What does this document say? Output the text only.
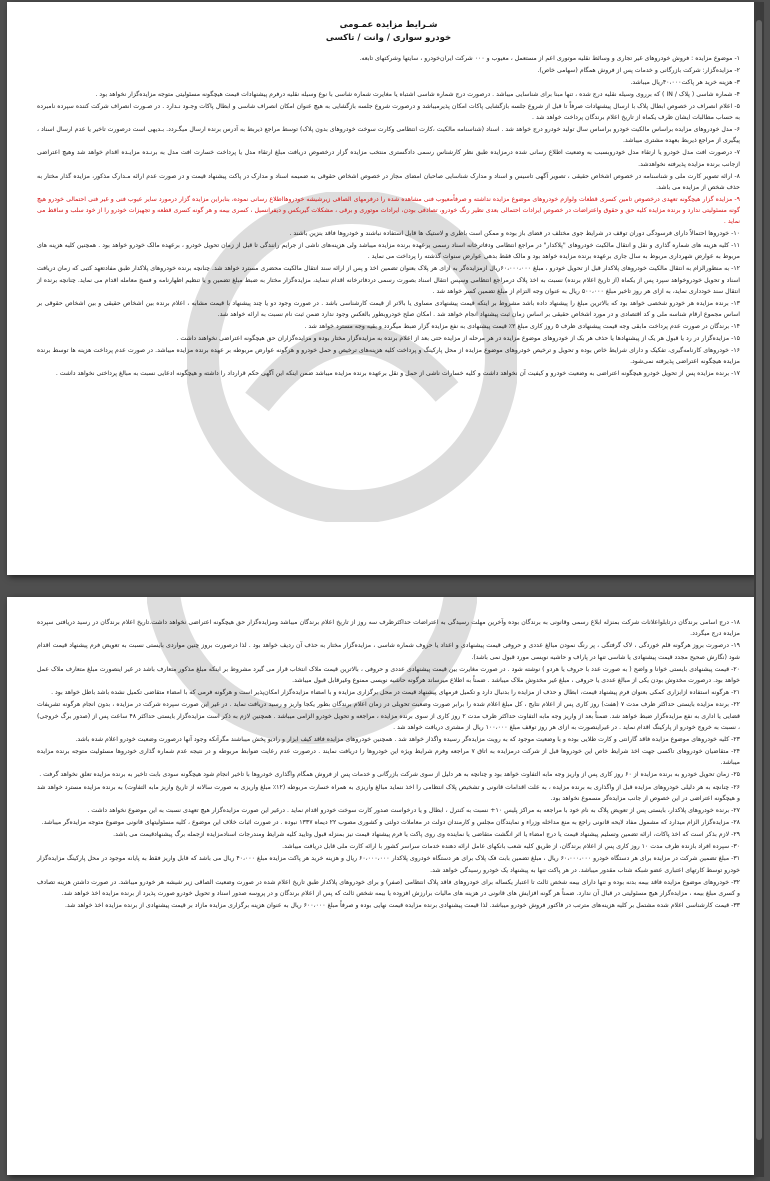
شـرايط مزايده عمـومی

خودرو سواری / وانت / تاکسی

۱- موضوع مزایده : فروش خودروهای غیر تجاری و وسائط نقلیه موتوری اعم از مستعمل ، معیوب و ۰۰۰ شرکت ایران‌خودرو ، سایتها وشرکتهای تابعه.
۲- مزایده‌گزار: شرکت بازرگانی و خدمات پس از فروش همگام (سهامی خاص).
۳- هزینه خرید هر پاکت۴۰،۰۰۰ریال میباشد.
۴- شماره شاسی ( پلاک / IN ) که برروی وسیله نقلیه درج شده ، تنها مبنا برای شناسایی میباشد . درصورت درج شماره شاسی اشتباه یا مغایرت شماره شاسی با نوع وسیله نقلیه درفرم پیشنهادات قیمت هیچگونه مسئولیتی متوجه مزایده‌گزار نخواهد بود .
۵- اعلام انصراف در خصوص ابطال پلاک با ارسال پیشنهادات صرفاً تا قبل از شروع جلسه بازگشایی پاکات امکان پذیرمیباشد و درصورت شروع جلسه بازگشایی به هیچ عنوان امکان انصراف شاسی و ابطال پاکات وجـود نـدارد . در صـورت انصراف شرکت کننده سپرده نامبرده به حساب مطالبات ایشان ظرف یکماه از تاریخ اعلام برندگان پرداخت خواهد شد .
۶- مدل خودروهای مزایده براساس مالکیت خودرو براساس سال تولید خودرو درج خواهد شد . اسناد (شناسنامه مالکیت ،کارت انتظامی وکارت سوخت خودروهای بدون پلاک) توسط مراجع ذیربط به آدرس برنده ارسال میگـردد. بـدیهی است درصورت تاخیر یا عدم ارسال اسناد ، پیگیری از مراجع ذیربط بعهده مشتری میباشد.
۷- درصورت افت مدل خودرو یا ارتقاء مدل خودروبسبب به وضعیت اطلاع رسانی شده درمزایده طبق نظر کارشناس رسمی دادگستری منتخب مزایده گزار درخصوص دریافت مبلغ ارتقاء مدل یا پرداخت خسارت افت مدل به برنـده مزایـده اقدام خواهد شد وهیچ اعتراضی ازجانب برنده مزایده پذیرفته نخواهدشد.
۸- ارائه تصویر کارت ملی و شناسنامه در خصوص اشخاص حقیقی ، تصویر آگهی تاسیس و اسناد و مدارک شناسایی صاحبان امضای مجاز در خصوص اشخاص حقوقی به ضمیمه اسناد و مدارک در پاکت پیشنهاد قیمت و در صورت عدم ارائه مـدارک مذکور، مزایده گذار مختار به حذف شخص از مزایده می باشد.
۹- مزایده گزار هیچگونه تعهدی درخصوص تامین کسری قطعات ولوازم خودروهای موضوع مزایده نداشته و صرفاًمعیوب فنی مشاهده شده را درفرمهای الصاقی زیرشیشه خودروهااطلاع رسانی نموده، بنابراین مزایده گزار درمورد سایر عیوب فنی و غیر فنی احتمالی خودرو هیچ گونه مسئولیتی ندارد و برنده مزایده کلیه حق و حقوق واعتراضات در خصوص ایرادات احتمالی بعدی نظیر رنگ خودرو، تصادفی بودن، ایرادات موتوری و برقی ، مشکلات گیربکس و دیفرانسیل ، کسری بیمه و هر گونه کسری قطعه و تجهیزات خودرو را از خود سلب و ساقط می نماید .
۱۰- خودروها احتمالاً دارای فرسودگی دوران توقف در شرایط جوی مختلف در فضای باز بوده و ممکن است باطری و لاستیک ها قابل استفاده نباشند و خودروها فاقد بنزین باشند .
۱۱- کلیه هزینه های شماره گذاری و نقل و انتقال مالکیت خودروهای "پلاکدار" در مراجع انتظامی ودفاترخانه اسناد رسمی برعهده برنده مزایده میباشد ولی هزینه‌های ناشی از جرایم رانندگی تا قبل از زمان تحویل خودرو ، برعهده مالک خودرو خواهد بود . همچنین کلیه هزینه های مربوط به عوارض شهرداری مربوط به سال جاری برعهده برنده مزایده خواهد بود و مالک فقط بدهی عوارض سنوات گذشته را پرداخت می نماید .
۱۲- به منظورالزام به انتقال مالکیت خودروهای پلاکدار قبل از تحویل خودرو ، مبلغ ۶۰،۰۰۰،۰۰۰ریال ازمزایده‌گر به ازای هر پلاک بعنوان تضمین اخذ و پس از ارائه سند انتقال مالکیت محضری مسترد خواهد شد. چنانچه برنده خودروهای پلاکدار طبق مفادتعهد کتبی که زمان دریافت اسناد و تحویل خودروخواهد سپرد پس از یکماه (از تاریخ اعلام برنده) نسبت به اخذ پلاک درمراجع انتظامی وسپس انتقال اسناد بصورت رسمی دردفاترخانه اقدام ننماید، مزایده‌گزار مختار به ضبط مبلغ تضمین و یا تنظیم اظهارنامه و فسخ معامله اقدام می نماید. چنانچه برنده از انتقال سند خودداری نماید، به ازای هر روز تاخیر مبلغ ۵۰۰،۰۰۰ ریال به عنوان وجه التزام از مبلغ تضمین کسر خواهد شد .
۱۳- برنده مزایده هر خودرو شخصی خواهد بود که بالاترین مبلغ را پیشنهاد داده باشد مشروط بر اینکه قیمت پیشنهادی مساوی یا بالاتر از قیمت کارشناسی باشد . در صورت وجود دو یا چند پیشنهاد با قیمت مشابه ، اعلام برنده بین اشخاص حقیقی و بین اشخاص حقوقی بر اساس مجموع ارقام شناسه ملی و کد اقتصادی و در مورد اشخاص حقیقی بر اساس زمان ثبت پیشنهاد انجام خواهد شد . امکان صلح خودروبطور بالعکس وجود ندارد ضمن ثبت نام نسبت به ارائه خواهد شد.
۱۴- برندگان در صورت عدم پرداخت مابقی وجه قیمت پیشنهادی ظرف ۵ روز کاری مبلغ ۲٪ قیمت پیشنهادی به نفع مزایده گزار ضبط میگردد و بقیه وجه مسترد خواهد شد .
۱۵- مزایده‌گزار در رد یا قبول هر یک از پیشنهادها یا حذف هر یک از خودروهای موضوع مزایده در هر مرحله از مزایده حتی بعد از اعلام برنده به مزایده‌گزار مختار بوده و مزایده‌گزاران حق هیچگونه اعتراضی نخواهند داشت .
۱۶- خودروهای کارنامه‌گیری، تفکیک و دارای شرایط خاص بوده و تحویل و ترخیص خودروهای موضوع مزایده از محل پارکینگ و پرداخت کلیه هزینه‌های ترخیص و حمل خودرو و هرگونه عوارض مربوطه بر عهده برنده مزایده میباشد. در صورت عدم پرداخت هزینه ها توسط برنده مزایده هیچگونه اعتراضی پذیرفته نمی‌شود.
۱۷- برنده مزایده پس از تحویل خودرو هیچگونه اعتراضی به وضعیت خودرو و کیفیت آن نخواهد داشت و کلیه خسارات ناشی از حمل و نقل برعهده برنده مزایده میباشد ضمن اینکه این آگهی حکم قرارداد را داشته و هیچگونه ادعایی نسبت به مبالغ پرداختی نخواهد داشت .
۱۸- درج اسامی برندگان درتابلواعلانات شرکت بمنزله ابلاغ رسمی وقانونی به برندگان بوده وآخرین مهلت رسیدگی به اعتراضات حداکثرظرف سه روز از تاریخ اعلام برندگان میباشد ومزایده‌گزار حق هیچگونه اعتراضی نخواهد داشت.تاریخ اعلام برندگان در رسید دریافتی سپرده مزایده درج میگردد.
۱۹- درصورت بروز هرگونه قلم خوردگی ، لاک گرفتگی ، پر رنگ نمودن مبالغ عددی و حروفی قیمت پیشنهادی و اعداد یا حروف شماره شاسی ، مزایده‌گزار مختار به حذف آن ردیف خواهد بود . لذا درصورت بروز چنین مواردی بایستی نسبت به تعویض فرم پیشنهاد قیمت اقدام شود (نگارش صحیح مجدد قیمت پیشنهادی یا شاسی تنها در پاراف و حاشیه نویسی مورد قبول نمی باشد).
۲۰- قیمت پیشنهادی بایستی خوانا و واضح ( به صورت عدد با حروف یا هردو ) نوشته شود . در صورت مغایرت بین قیمت پیشنهادی عددی و حروفی ، بالاترین قیمت ملاک انتخاب قرار می گیرد مشروط بر اینکه مبلغ مذکور متعارف باشد در غیر اینصورت مبلغ متعارف ملاک عمل خواهد بود. درصورت مخدوش بودن یکی از مبالغ عددی یا حروفی ، مبلغ غیر مخدوش ملاک میباشد . ضمناً به اطلاع میرساند هرگونه حاشیه نویسی ممنوع وغیرقابل قبول میباشد.
۲۱- هرگونه استفاده ازابزاری کمکی بعنوان فرم پیشنهاد قیمت، ابطال و حذف از مزایده را بدنبال دارد و تکمیل فرمهای پیشنهاد قیمت در محل برگزاری مزایده و با امضاء مزایده‌گزار امکان‌پذیر است و هرگونه فرمی که با امضاء متقاضی تکمیل نشده باشد باطل خواهد بود .
۲۲- برنده مزایده بایستی حداکثر ظرف مدت ۷ (هفت) روز کاری پس از اعلام نتایج ، کل مبلغ اعلام شده را برابر صورت وضعیت تحویلی در زمان اعلام برندگان بطور یکجا واریز و رسید دریافت نماید . در غیر این صورت سپرده شرکت در مزایده ، بدون انجام هرگونه تشریفات قضایی یا اداری به نفع مزایده‌گزار ضبط خواهد شد. ضمناً بعد از واریز وجه مابه التفاوت حداکثر ظرف مدت ۲ روز کاری از سوی برنده مزایده ، مراجعه و تحویل خودرو الزامی میباشد . همچنین لازم به ذکر است مزایده‌گزار بایستی حداکثر ۴۸ ساعت پس از (صدور برگ خروجی) ، نسبت به خروج خودرو از پارکینگ اقدام نماید . در غیراینصورت به ازای هر روز توقف مبلغ ۱۰۰،۰۰۰ ریال از مشتری دریافت خواهد شد .
۲۳- کلیه خودروهای موضوع مزایده فاقد گارانتی و کارت طلایی بوده و با وضعیت موجود که به رویت مزایده‌گر رسیده واگذار خواهد شد . همچنین خودروهای مزایده فاقد کیف ابزار و رادیو پخش میباشند مگرآنکه وجود آنها درصورت وضعیت خودرو اعلام شده باشد.
۲۴- متقاضیان خودروهای تاکسی جهت اخذ شرایط خاص این خودروها قبل از شرکت درمزایده به اتاق ۷ مراجعه وفرم شرایط ویژه این خودروها را دریافت نمایند . درصورت عدم رعایت ضوابط مربوطه و در نتیجه عدم شماره گذاری خودروها مسئولیت متوجه برنده مزایده میباشد.
۲۵- زمان تحویل خودرو به برنده مزایده از ۶۰ روز کاری پس از واریز وجه مابه التفاوت خواهد بود و چنانچه به هر دلیل از سوی شرکت بازرگانی و خدمات پس از فروش همگام واگذاری خودروها با تاخیر انجام شود هیچگونه سودی بابت تاخیر به برنده مزایده تعلق نخواهد گرفت .
۲۶- چنانچه به هر دلیلی خودروهای مزایده قبل از واگذاری به برنده مزایده ، به علت اقدامات قانونی و تشخیص پلاک انتظامی را اخذ ننماید مبالغ واریزی به همراه خسارت مربوطه (۱۲٪ مبلغ واریزی به صورت سالانه از تاریخ واریز مابه التفاوت) به برنده مزایده مسترد خواهد شد و هیچگونه اعتراضی در این خصوص از جانب مزایده‌گر مسموع نخواهد بود.
۲۷- برنده خودروهای پلاکدار، بایستی پس از تعویض پلاک به نام خود با مراجعه به مراکز پلیس ۱۰+ نسبت به کنترل ، ابطال و یا درخواست صدور کارت سوخت خودرو اقدام نماید . درغیر این صورت مزایده‌گزار هیچ تعهدی نسبت به این موضوع نخواهد داشت .
۲۸- مزایده‌گزار الزام میدارد که مشمول مفاد لایحه قانونی راجع به منع مداخله وزراء و نمایندگان مجلس و کارمندان دولت در معاملات دولتی و کشوری مصوب ۲۲ دیماه ۱۳۳۷ نبوده . در صورت اثبات خلاف این موضوع ، کلیه مسئولیتهای قانونی موضوع متوجه مزایده‌گر میباشد.
۲۹- لازم بذکر است که اخذ پاکات، ارائه تضمین وتسلیم پیشنهاد قیمت یا درج امضاء یا اثر انگشت متقاضی یا نماینده وی روی پاکت یا فرم پیشنهاد قیمت نیز بمنزله قبول وتایید کلیه شرایط ومندرجات اسنادمزایده ازجمله برگ پیشنهادقیمت می باشد.
۳۰- سپرده افراد بازنده ظرف مدت ۱۰ روز کاری پس از اعلام برندگان، از طریق کلیه شعب بانکهای عامل ارائه دهنده خدمات سراسر کشور با ارائه کارت ملی قابل دریافت میباشد.
۳۱- مبلغ تضمین شرکت در مزایده برای هر دستگاه خودرو ۶۰،۰۰۰،۰۰۰ ریال ، مبلغ تضمین بابت فک پلاک برای هر دستگاه خودروی پلاکدار ۶۰،۰۰۰،۰۰۰ ریال و هزینه خرید هر پاکت مزایده مبلغ ۴۰،۰۰۰ ریال می باشد که قابل واریز فقط به پایانه موجود در محل پارکینگ مزایده‌گزار خودرو توسط کارتهای اعتباری عضو شبکه شتاب مقدور میباشد. در هر پاکت تنها به پیشنهاد یک خودرو رسیدگی خواهد شد.
۳۲- خودروهای موضوع مزایده فاقد بیمه بدنه بوده و تنها دارای بیمه شخص ثالث تا اعتبار یکساله برای خودروهای فاقد پلاک انتظامی (صفر) و برای خودروهای پلاکدار طبق تاریخ اعلام شده در صورت وضعیت الصاقی زیر شیشه هر خودرو میباشد. در صورت داشتن هزینه تصادف و کسری مبلغ بیمه ، مزایده‌گزار هیچ مسئولیتی در قبال آن ندارد. ضمناً هر گونه افزایش های قانونی در هزینه های مالیات برارزش افزوده یا بیمه شخص ثالث که پس از اعلام برندگان و در پروسه صدور اسناد و تحویل خودرو صورت پذیرد از برنده مزایده اخذ خواهد شد.
۳۳- قیمت کارشناسی اعلام شده مشتمل بر کلیه هزینه‌های مترتب در فاکتور فروش خودرو میباشد. لذا قیمت پیشنهادی برنده مزایده قیمت نهایی بوده و صرفاً مبلغ ۶۰۰،۰۰۰ ریال به عنوان هزینه برگزاری مزایده مازاد بر قیمت پیشنهادی از برنده مزایده اخذ خواهد شد.
